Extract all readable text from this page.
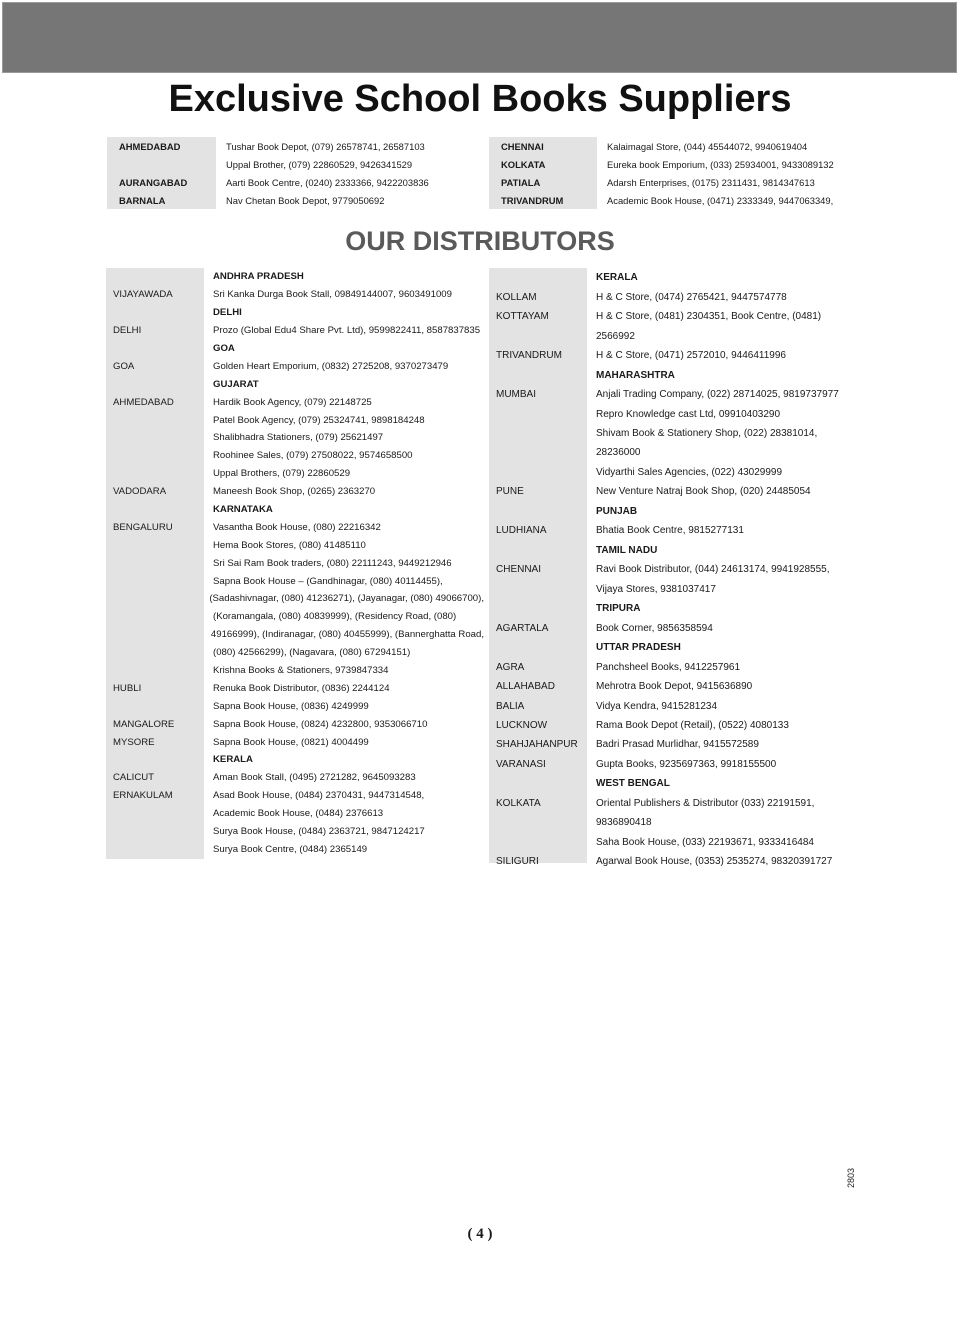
Exclusive School Books Suppliers
AHMEDABAD	Tushar Book Depot, (079) 26578741, 26587103
	Uppal Brother, (079) 22860529, 9426341529
AURANGABAD	Aarti Book Centre, (0240) 2333366, 9422203836
BARNALA	Nav Chetan Book Depot, 9779050692
CHENNAI	Kalaimagal Store, (044) 45544072, 9940619404
KOLKATA	Eureka book Emporium, (033) 25934001, 9433089132
PATIALA	Adarsh Enterprises, (0175) 2311431, 9814347613
TRIVANDRUM	Academic Book House, (0471) 2333349, 9447063349,
OUR DISTRIBUTORS
ANDHRA PRADESH
VIJAYAWADA	Sri Kanka Durga Book Stall, 09849144007, 9603491009
DELHI
DELHI	Prozo (Global Edu4 Share Pvt. Ltd), 9599822411, 8587837835
GOA
GOA	Golden Heart Emporium, (0832) 2725208, 9370273479
GUJARAT
AHMEDABAD	Hardik Book Agency, (079) 22148725
Patel Book Agency, (079) 25324741, 9898184248
Shalibhadra Stationers, (079) 25621497
Roohinee Sales, (079) 27508022, 9574658500
Uppal Brothers, (079) 22860529
VADODARA	Maneesh Book Shop, (0265) 2363270
KARNATAKA
BENGALURU	Vasantha Book House, (080) 22216342
Hema Book Stores, (080) 41485110
Sri Sai Ram Book traders, (080) 22111243, 9449212946
Sapna Book House – (Gandhinagar, (080) 40114455),
(Sadashivnagar, (080) 41236271), (Jayanagar, (080) 49066700),
(Koramangala, (080) 40839999), (Residency Road, (080)
49166999), (Indiranagar, (080) 40455999), (Bannerghatta Road,
(080) 42566299), (Nagavara, (080) 67294151)
Krishna Books & Stationers, 9739847334
HUBLI	Renuka Book Distributor, (0836) 2244124
Sapna Book House, (0836) 4249999
MANGALORE	Sapna Book House, (0824) 4232800, 9353066710
MYSORE	Sapna Book House, (0821) 4004499
KERALA
CALICUT	Aman Book Stall, (0495) 2721282, 9645093283
ERNAKULAM	Asad Book House, (0484) 2370431, 9447314548,
Academic Book House, (0484) 2376613
Surya Book House, (0484) 2363721, 9847124217
Surya Book Centre, (0484) 2365149
KERALA
KOLLAM	H & C Store, (0474) 2765421, 9447574778
KOTTAYAM	H & C Store, (0481) 2304351, Book Centre, (0481)
2566992
TRIVANDRUM	H & C Store, (0471) 2572010, 9446411996
MAHARASHTRA
MUMBAI	Anjali Trading Company, (022) 28714025, 9819737977
Repro Knowledge cast Ltd, 09910403290
Shivam Book & Stationery Shop, (022) 28381014,
28236000
Vidyarthi Sales Agencies, (022) 43029999
PUNE	New Venture Natraj Book Shop, (020) 24485054
PUNJAB
LUDHIANA	Bhatia Book Centre, 9815277131
TAMIL NADU
CHENNAI	Ravi Book Distributor, (044) 24613174, 9941928555,
Vijaya Stores, 9381037417
TRIPURA
AGARTALA	Book Corner, 9856358594
UTTAR PRADESH
AGRA	Panchsheel Books, 9412257961
ALLAHABAD	Mehrotra Book Depot, 9415636890
BALIA	Vidya Kendra, 9415281234
LUCKNOW	Rama Book Depot (Retail), (0522) 4080133
SHAHJAHANPUR	Badri Prasad Murlidhar, 9415572589
VARANASI	Gupta Books, 9235697363, 9918155500
WEST BENGAL
KOLKATA	Oriental Publishers & Distributor (033) 22191591,
9836890418
Saha Book House, (033) 22193671, 9333416484
SILIGURI	Agarwal Book House, (0353) 2535274, 98320391727
2803
( 4 )
